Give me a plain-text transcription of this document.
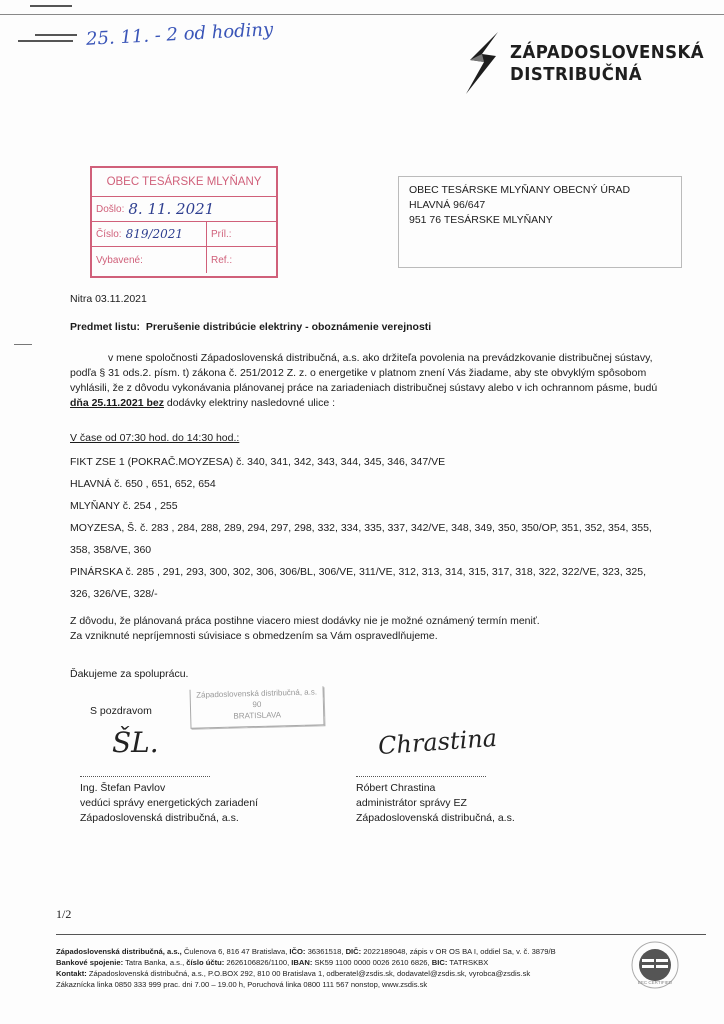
25. 11. - 2 od hodiny
ZÁPADOSLOVENSKÁ
DISTRIBUČNÁ
OBEC TESÁRSKE MLYŇANY
Došlo: 8. 11. 2021
Číslo: 819/2021	Príl.:
Vybavené:	Ref.:
OBEC TESÁRSKE MLYŇANY OBECNÝ ÚRAD
HLAVNÁ 96/647
951 76 TESÁRSKE MLYŇANY
Nitra 03.11.2021
Predmet listu: Prerušenie distribúcie elektriny - oboznámenie verejnosti
v mene spoločnosti Západoslovenská distribučná, a.s. ako držiteľa povolenia na prevádzkovanie distribučnej sústavy,
podľa § 31 ods.2. písm. t) zákona č. 251/2012 Z. z. o energetike v platnom znení Vás žiadame, aby ste obvyklým spôsobom
vyhlásili, že z dôvodu vykonávania plánovanej práce na zariadeniach distribučnej sústavy alebo v ich ochrannom pásme, budú
dňa 25.11.2021 bez dodávky elektriny nasledovné ulice :
V čase od 07:30 hod. do 14:30 hod.:
FIKT ZSE 1 (POKRAČ.MOYZESA) č. 340, 341, 342, 343, 344, 345, 346, 347/VE
HLAVNÁ č. 650 , 651, 652, 654
MLYŇANY č. 254 , 255
MOYZESA, Š. č. 283 , 284, 288, 289, 294, 297, 298, 332, 334, 335, 337, 342/VE, 348, 349, 350, 350/OP, 351, 352, 354, 355,
358, 358/VE, 360
PINÁRSKA č. 285 , 291, 293, 300, 302, 306, 306/BL, 306/VE, 311/VE, 312, 313, 314, 315, 317, 318, 322, 322/VE, 323, 325,
326, 326/VE, 328/-
Z dôvodu, že plánovaná práca postihne viacero miest dodávky nie je možné oznámený termín meniť.
Za vzniknuté nepríjemnosti súvisiace s obmedzením sa Vám ospravedlňujeme.
Ďakujeme za spoluprácu.
S pozdravom
Západoslovenská distribučná, a.s.
90
BRATISLAVA
ŠL.	Chrastina
Ing. Štefan Pavlov
vedúci správy energetických zariadení
Západoslovenská distribučná, a.s.
Róbert Chrastina
administrátor správy EZ
Západoslovenská distribučná, a.s.
1/2
Západoslovenská distribučná, a.s., Čulenova 6, 816 47 Bratislava, IČO: 36361518, DIČ: 2022189048, zápis v OR OS BA I, oddiel Sa, v. č. 3879/B
Bankové spojenie: Tatra Banka, a.s., číslo účtu: 2626106826/1100, IBAN: SK59 1100 0000 0026 2610 6826, BIC: TATRSKBX
Kontakt: Západoslovenská distribučná, a.s., P.O.BOX 292, 810 00 Bratislava 1, odberatel@zsdis.sk, dodavatel@zsdis.sk, vyrobca@zsdis.sk
Zákaznícka linka 0850 333 999 prac. dni 7.00 – 19.00 h, Poruchová linka 0800 111 567 nonstop, www.zsdis.sk	EEC CERTIFIED
